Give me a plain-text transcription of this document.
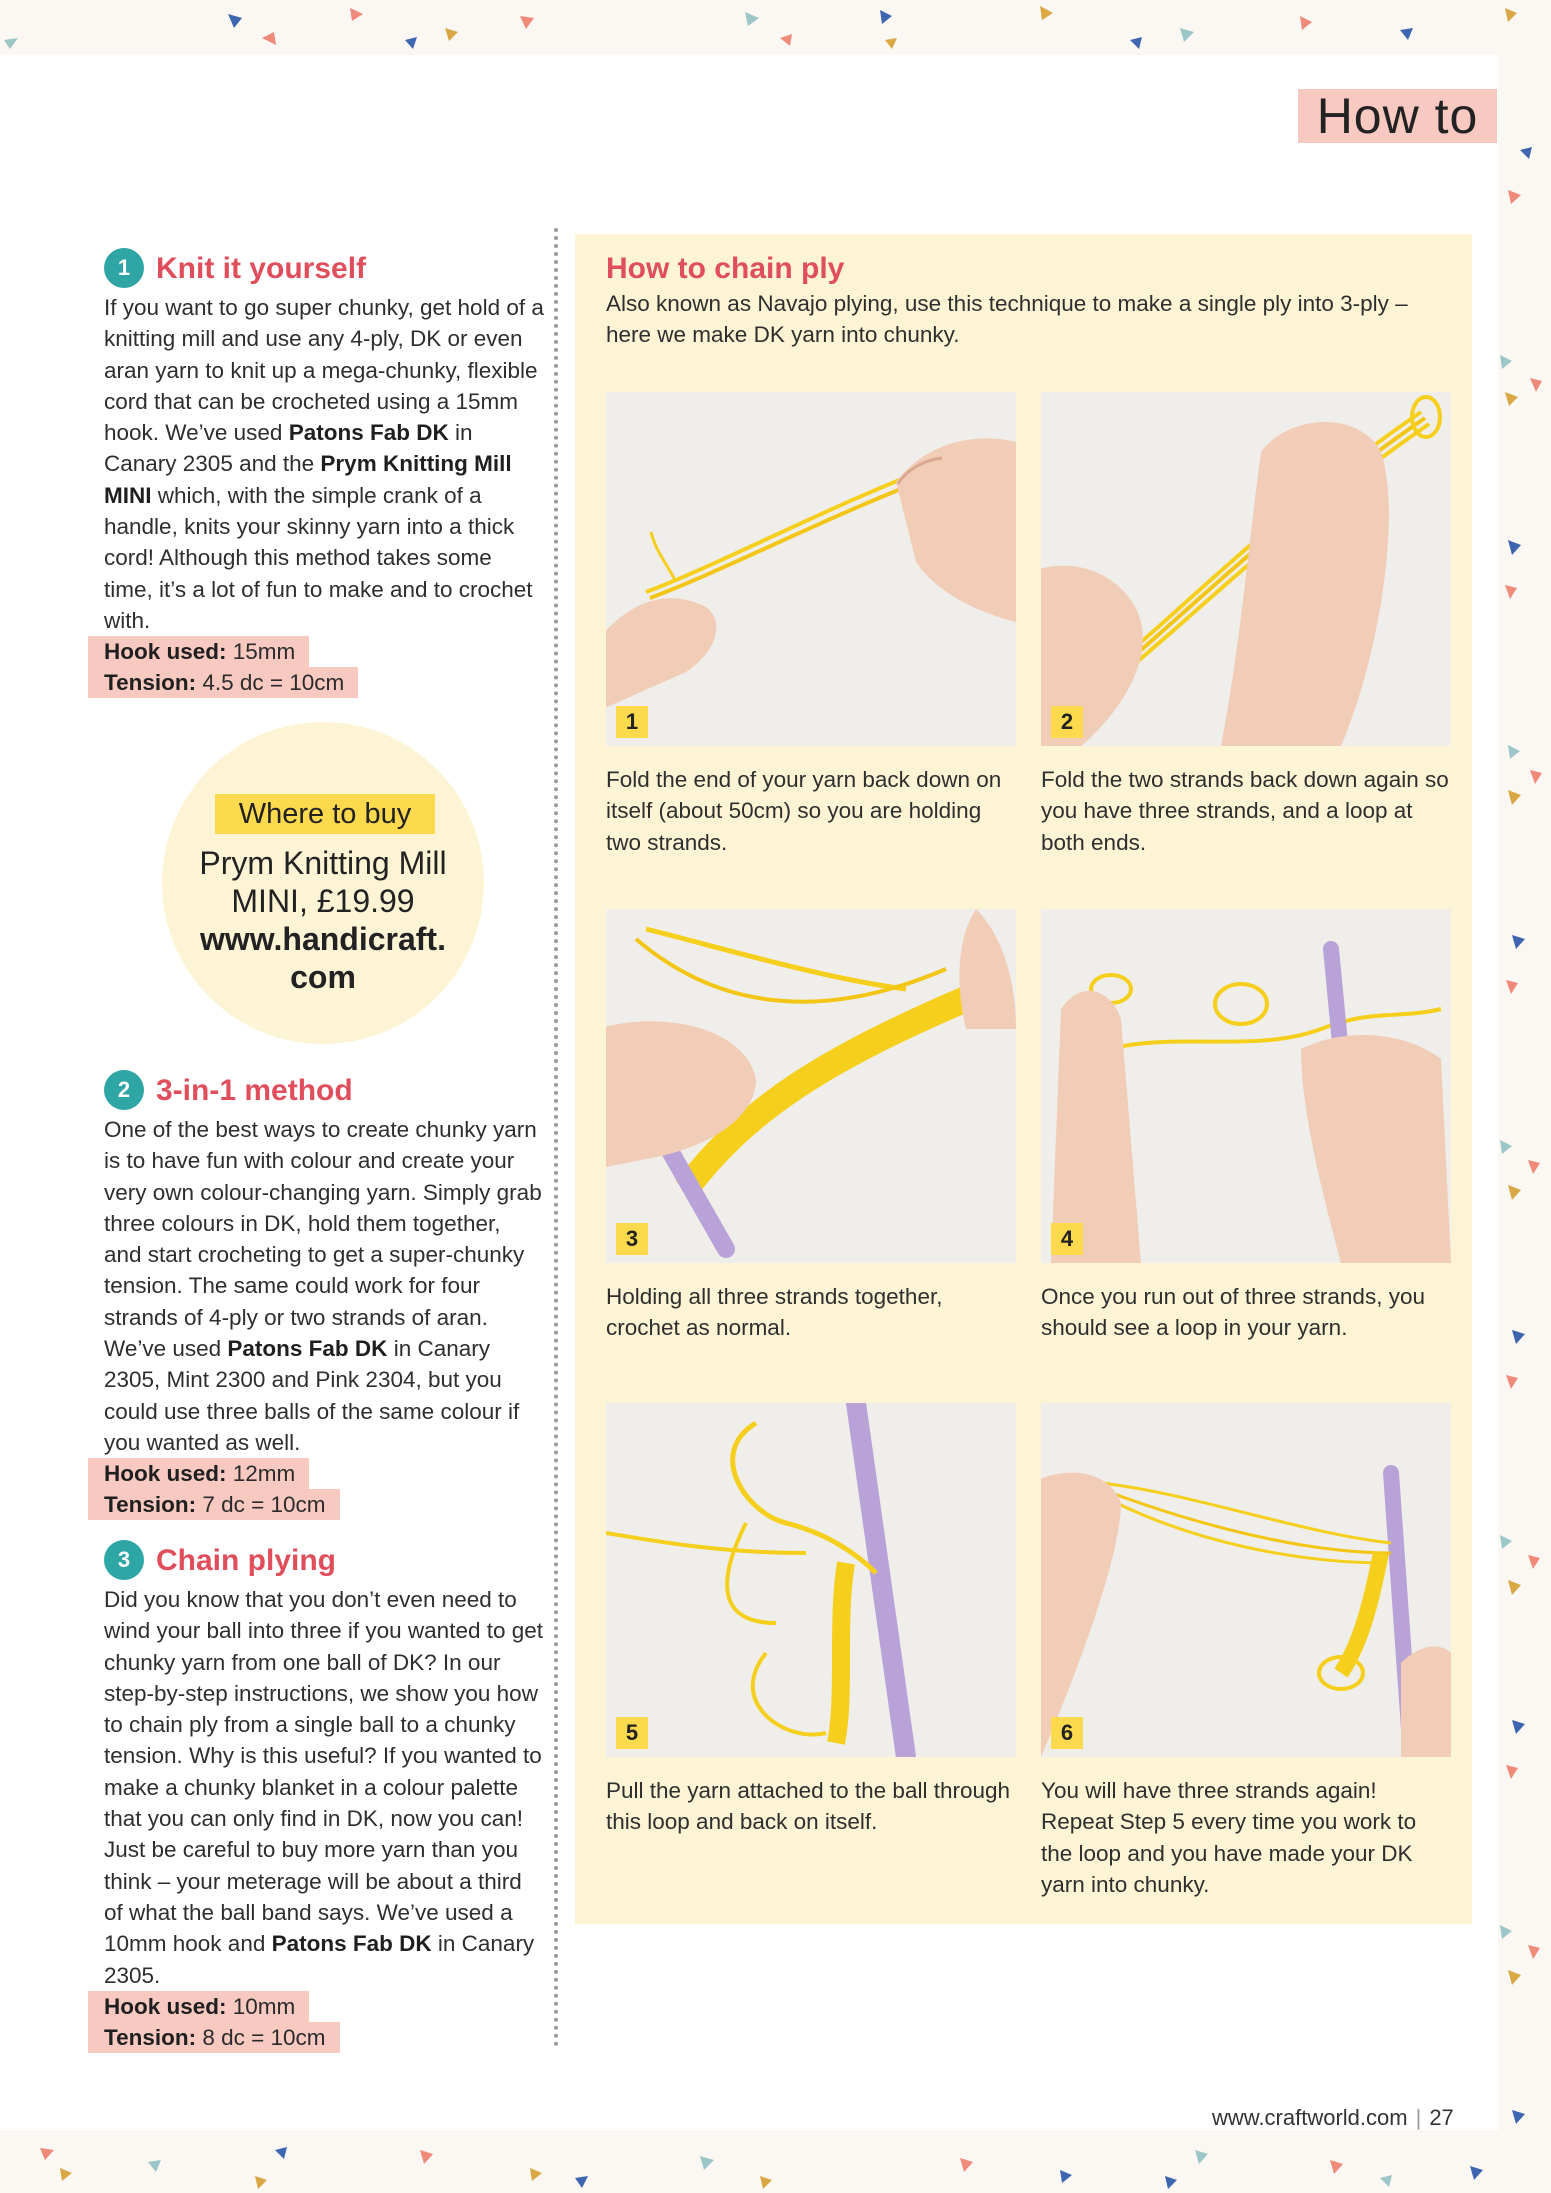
How to
1 Knit it yourself

If you want to go super chunky, get hold of a knitting mill and use any 4-ply, DK or even aran yarn to knit up a mega-chunky, flexible cord that can be crocheted using a 15mm hook. We’ve used Patons Fab DK in Canary 2305 and the Prym Knitting Mill MINI which, with the simple crank of a handle, knits your skinny yarn into a thick cord! Although this method takes some time, it’s a lot of fun to make and to crochet with.

Hook used: 15mm
Tension: 4.5 dc = 10cm
2 3-in-1 method

One of the best ways to create chunky yarn is to have fun with colour and create your very own colour-changing yarn. Simply grab three colours in DK, hold them together, and start crocheting to get a super-chunky tension. The same could work for four strands of 4-ply or two strands of aran. We’ve used Patons Fab DK in Canary 2305, Mint 2300 and Pink 2304, but you could use three balls of the same colour if you wanted as well.

Hook used: 12mm
Tension: 7 dc = 10cm
3 Chain plying

Did you know that you don’t even need to wind your ball into three if you wanted to get chunky yarn from one ball of DK? In our step-by-step instructions, we show you how to chain ply from a single ball to a chunky tension. Why is this useful? If you wanted to make a chunky blanket in a colour palette that you can only find in DK, now you can! Just be careful to buy more yarn than you think – your meterage will be about a third of what the ball band says. We’ve used a 10mm hook and Patons Fab DK in Canary 2305.

Hook used: 10mm
Tension: 8 dc = 10cm
Where to buy
Prym Knitting Mill MINI, £19.99
www.handicraft.
com
How to chain ply

Also known as Navajo plying, use this technique to make a single ply into 3-ply – here we make DK yarn into chunky.

1

Fold the end of your yarn back down on itself (about 50cm) so you are holding two strands.

2

Fold the two strands back down again so you have three strands, and a loop at both ends.

3

Holding all three strands together, crochet as normal.

4

Once you run out of three strands, you should see a loop in your yarn.

5

Pull the yarn attached to the ball through this loop and back on itself.

6

You will have three strands again! Repeat Step 5 every time you work to the loop and you have made your DK yarn into chunky.

www.craftworld.com | 27
